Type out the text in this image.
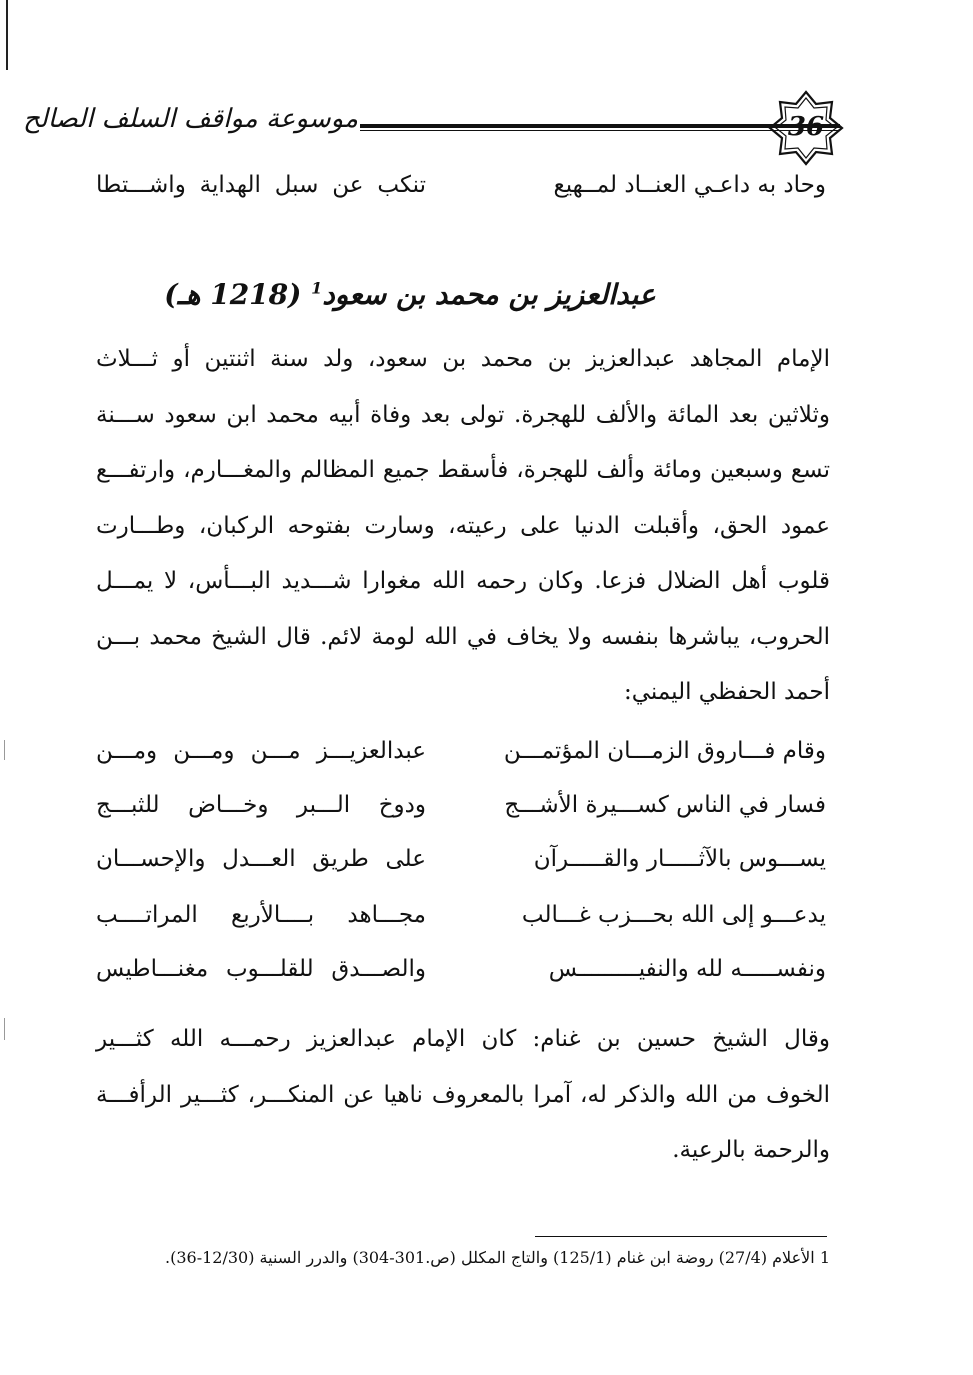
موسوعة مواقف السلف الصالح	36
وحاد به داعـي العنــاد لمــهيع
تنكب عن سبل الهداية واشـــتطا
عبدالعزيز بن محمد بن سعود$^1$ (1218 هـ)
الإمام المجاهد عبدالعزيز بن محمد بن سعود، ولد سنة اثنتين أو ثـــلاث
وثلاثين بعد المائة والألف للهجرة. تولى بعد وفاة أبيه محمد ابن سعود ســـنة
تسع وسبعين ومائة وألف للهجرة، فأسقط جميع المظالم والمغـــارم، وارتفـــع
عمود الحق، وأقبلت الدنيا على رعيته، وسارت بفتوحه الركبان، وطـــارت
قلوب أهل الضلال فزعا. وكان رحمه الله مغوارا شـــديد البـــأس، لا يمـــل
الحروب، يباشرها بنفسه ولا يخاف في الله لومة لائم. قال الشيخ محمد بـــن
أحمد الحفظي اليمني:
وقام فـــاروق الزمـــان المؤتمـــن
عبدالعزيـــز مـــن ومـــن ومـــن
فسار في الناس كســـيرة الأشـــج
ودوخ الـــبر وخـــاض للثبـــج
يســـوس بالآثـــــار والقـــــرآن
على طريق العـــدل والإحســـان
يدعـــو إلى الله بحـــزب غـــالب
مجـــاهد بــــالأربع المراتــــب
ونفســـــه لله والنفيـــــــــس
والصـــدق للقلـــوب مغنـــاطيس
وقال الشيخ حسين بن غنام: كان الإمام عبدالعزيز رحمـــه الله كثـــير
الخوف من الله والذكر له، آمرا بالمعروف ناهيا عن المنكـــر، كثـــير الرأفـــة
والرحمة بالرعية.
1 الأعلام (27/4) روضة ابن غنام (125/1) والتاج المكلل (ص.301-304) والدرر السنية (12/30-36).
